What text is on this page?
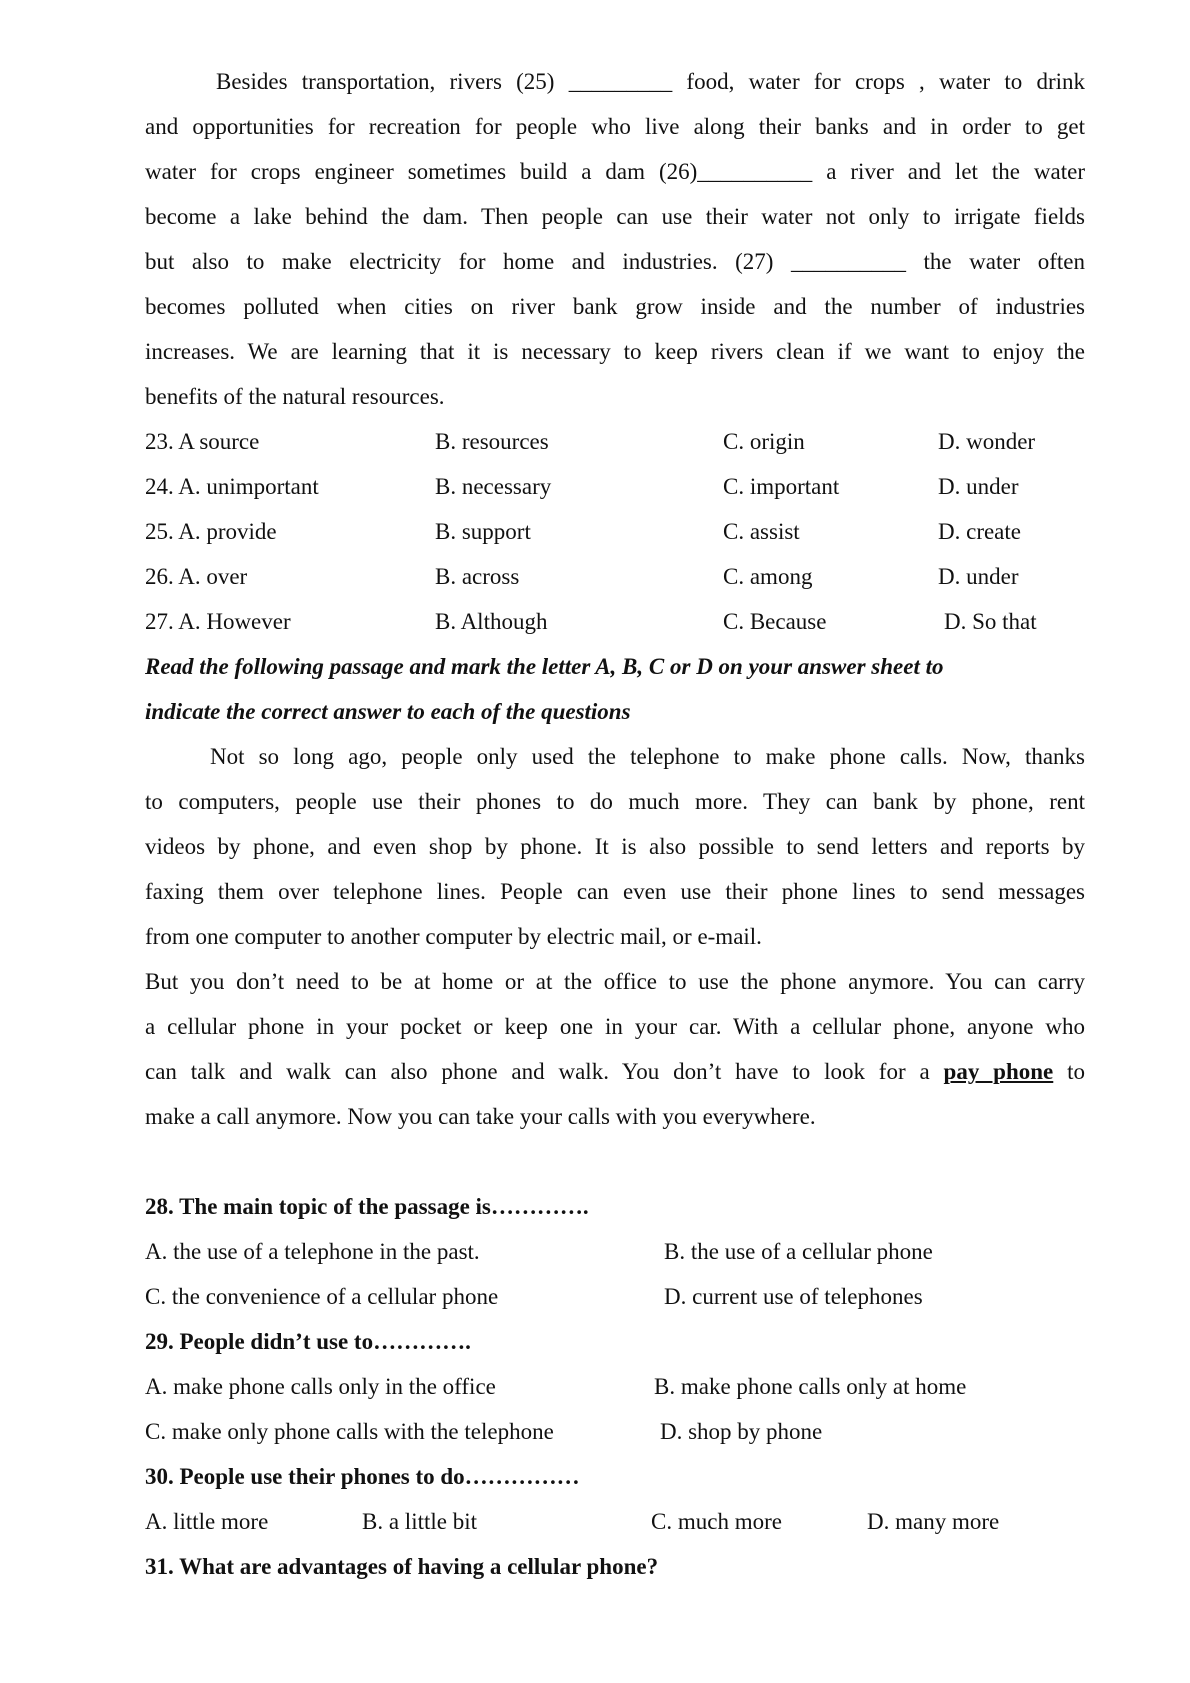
Besides transportation, rivers (25) _________ food, water for crops , water to drink

and opportunities for recreation for people who live along their banks and in order to get

water for crops engineer sometimes build a dam (26)__________ a river and let the water

become a lake behind the dam. Then people can use their water not only to irrigate fields

but also to make electricity for home and industries. (27) __________ the water often

becomes polluted when cities on river bank grow inside and the number of industries

increases. We are learning that it is necessary to keep rivers clean if we want to enjoy the

benefits of the natural resources.

23. A source	B. resources	C. origin	D. wonder

24. A. unimportant	B. necessary	C. important	D. under

25. A. provide	B. support	C. assist	D. create

26. A. over	B. across	C. among	D. under

27. A. However	B. Although	C. Because	D. So that

Read the following passage and mark the letter A, B, C or D on your answer sheet to

indicate the correct answer to each of the questions

Not so long ago, people only used the telephone to make phone calls. Now, thanks

to computers, people use their phones to do much more. They can bank by phone, rent

videos by phone, and even shop by phone. It is also possible to send letters and reports by

faxing them over telephone lines. People can even use their phone lines to send messages

from one computer to another computer by electric mail, or e-mail.

But you don’t need to be at home or at the office to use the phone anymore. You can carry

a cellular phone in your pocket or keep one in your car. With a cellular phone, anyone who

can talk and walk can also phone and walk. You don’t have to look for a pay phone to

make a call anymore. Now you can take your calls with you everywhere.

28. The main topic of the passage is………….

A. the use of a telephone in the past.	B. the use of a cellular phone

C. the convenience of a cellular phone	D. current use of telephones

29. People didn’t use to………….

A. make phone calls only in the office	B. make phone calls only at home

C. make only phone calls with the telephone	D. shop by phone

30. People use their phones to do……………

A. little more	B. a little bit	C. much more	D. many more

31. What are advantages of having a cellular phone?
